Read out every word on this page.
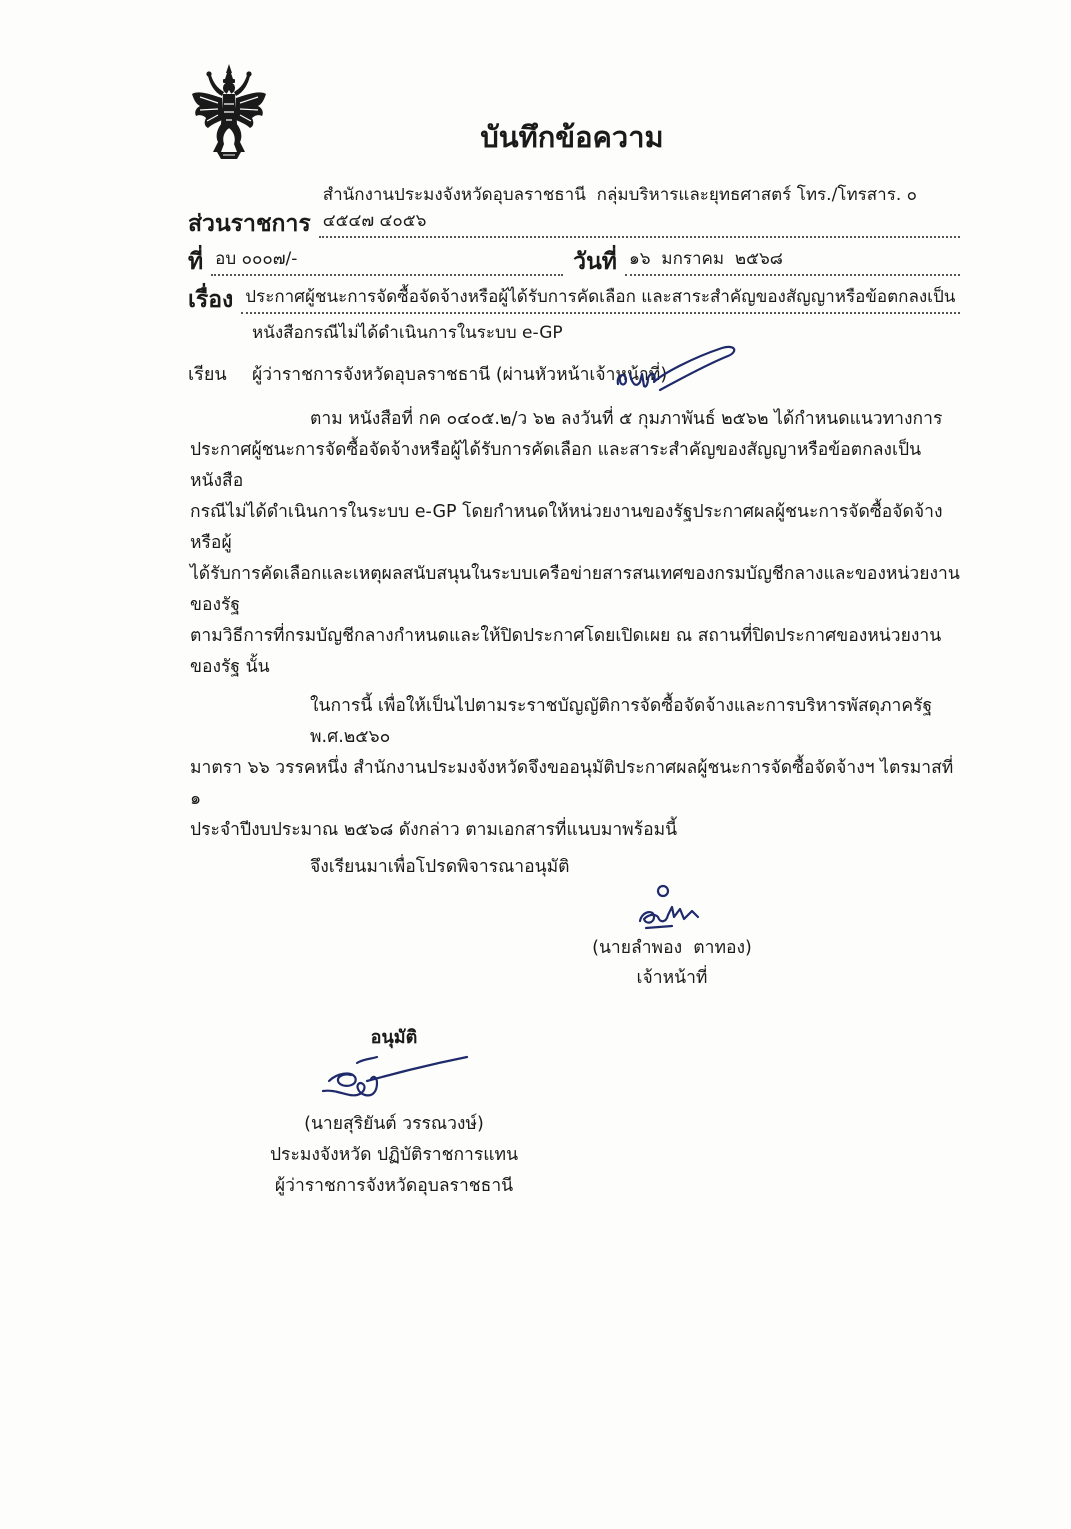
บันทึกข้อความ
ส่วนราชการ
สำนักงานประมงจังหวัดอุบลราชธานี  กลุ่มบริหารและยุทธศาสตร์ โทร./โทรสาร. ๐ ๔๕๔๗ ๔๐๕๖
ที่ อบ ๐๐๐๗/-	วันที่ ๑๖  มกราคม  ๒๕๖๘
เรื่อง ประกาศผู้ชนะการจัดซื้อจัดจ้างหรือผู้ได้รับการคัดเลือก และสาระสำคัญของสัญญาหรือข้อตกลงเป็น
หนังสือกรณีไม่ได้ดำเนินการในระบบ e-GP
เรียน	ผู้ว่าราชการจังหวัดอุบลราชธานี (ผ่านหัวหน้าเจ้าหน้าที่)
ตาม หนังสือที่ กค ๐๔๐๕.๒/ว ๖๒ ลงวันที่ ๕ กุมภาพันธ์ ๒๕๖๒ ได้กำหนดแนวทางการ
ประกาศผู้ชนะการจัดซื้อจัดจ้างหรือผู้ได้รับการคัดเลือก และสาระสำคัญของสัญญาหรือข้อตกลงเป็นหนังสือ
กรณีไม่ได้ดำเนินการในระบบ e-GP โดยกำหนดให้หน่วยงานของรัฐประกาศผลผู้ชนะการจัดซื้อจัดจ้างหรือผู้
ได้รับการคัดเลือกและเหตุผลสนับสนุนในระบบเครือข่ายสารสนเทศของกรมบัญชีกลางและของหน่วยงานของรัฐ
ตามวิธีการที่กรมบัญชีกลางกำหนดและให้ปิดประกาศโดยเปิดเผย ณ สถานที่ปิดประกาศของหน่วยงานของรัฐ นั้น
ในการนี้ เพื่อให้เป็นไปตามระราชบัญญัติการจัดซื้อจัดจ้างและการบริหารพัสดุภาครัฐ พ.ศ.๒๕๖๐
มาตรา ๖๖ วรรคหนึ่ง สำนักงานประมงจังหวัดจึงขออนุมัติประกาศผลผู้ชนะการจัดซื้อจัดจ้างฯ ไตรมาสที่ ๑
ประจำปีงบประมาณ ๒๕๖๘ ดังกล่าว ตามเอกสารที่แนบมาพร้อมนี้
จึงเรียนมาเพื่อโปรดพิจารณาอนุมัติ
(นายลำพอง  ตาทอง)
เจ้าหน้าที่
อนุมัติ
(นายสุริยันต์ วรรณวงษ์)
ประมงจังหวัด ปฏิบัติราชการแทน
ผู้ว่าราชการจังหวัดอุบลราชธานี
